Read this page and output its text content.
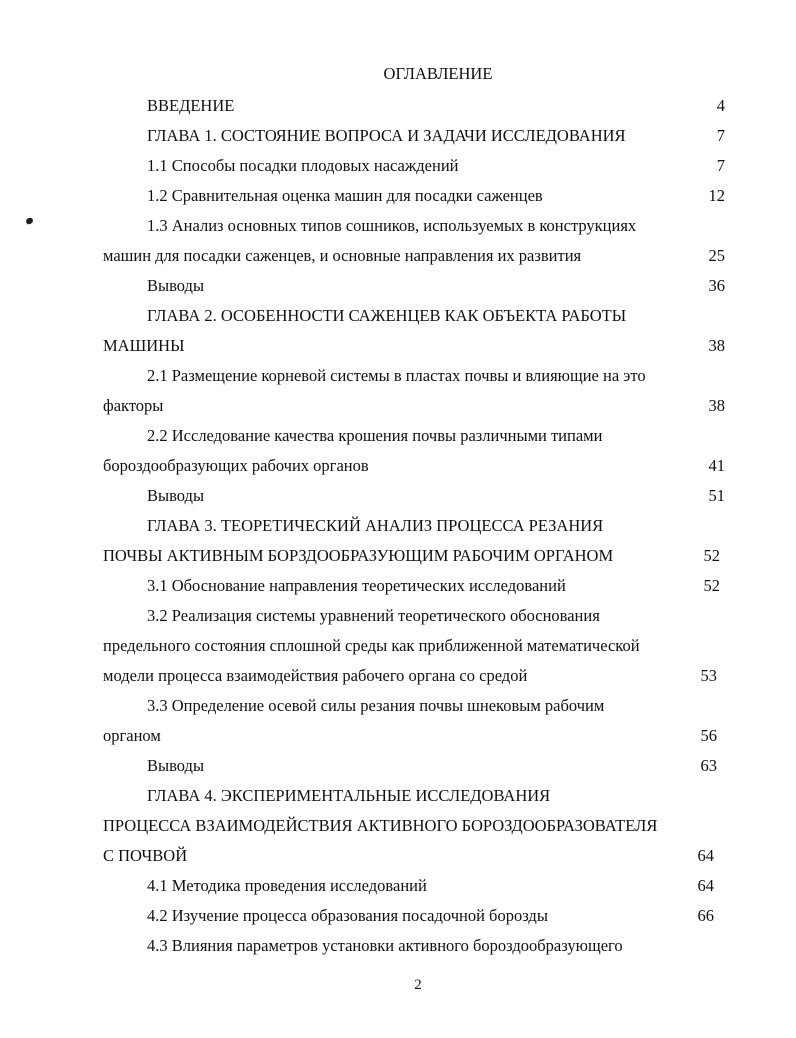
ОГЛАВЛЕНИЕ
ВВЕДЕНИЕ	4
ГЛАВА 1. СОСТОЯНИЕ ВОПРОСА И ЗАДАЧИ ИССЛЕДОВАНИЯ	7
1.1 Способы посадки плодовых насаждений	7
1.2 Сравнительная оценка машин для посадки саженцев	12
1.3 Анализ основных типов сошников, используемых в конструкциях
машин для посадки саженцев, и основные направления их развития	25
Выводы	36
ГЛАВА 2. ОСОБЕННОСТИ САЖЕНЦЕВ КАК ОБЪЕКТА РАБОТЫ
МАШИНЫ	38
2.1 Размещение корневой системы в пластах почвы и влияющие на это
факторы	38
2.2 Исследование качества крошения почвы различными типами
бороздообразующих рабочих органов	41
Выводы	51
ГЛАВА 3. ТЕОРЕТИЧЕСКИЙ АНАЛИЗ ПРОЦЕССА РЕЗАНИЯ
ПОЧВЫ АКТИВНЫМ БОРЗДООБРАЗУЮЩИМ РАБОЧИМ ОРГАНОМ	52
3.1 Обоснование направления теоретических исследований	52
3.2 Реализация системы уравнений теоретического обоснования
предельного состояния сплошной среды как приближенной математической
модели процесса взаимодействия рабочего органа со средой	53
3.3 Определение осевой силы резания почвы шнековым рабочим
органом	56
Выводы	63
ГЛАВА 4. ЭКСПЕРИМЕНТАЛЬНЫЕ ИССЛЕДОВАНИЯ
ПРОЦЕССА ВЗАИМОДЕЙСТВИЯ АКТИВНОГО БОРОЗДООБРАЗОВАТЕЛЯ
С ПОЧВОЙ	64
4.1 Методика проведения исследований	64
4.2 Изучение процесса образования посадочной борозды	66
4.3 Влияния параметров установки активного бороздообразующего
2
